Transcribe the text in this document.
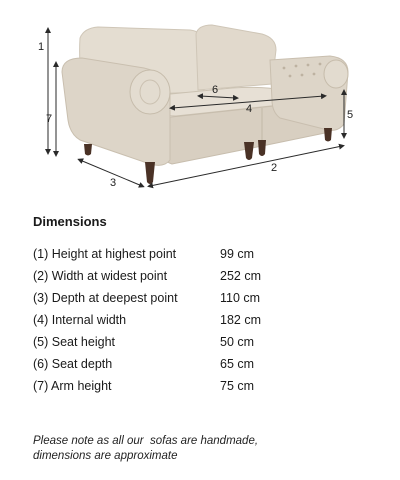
1
2
3
4	5
6
7
Dimensions
(1) Height at highest point	99 cm
(2) Width at widest point	252 cm
(3) Depth at deepest point	110 cm
(4) Internal width	182 cm
(5) Seat height	50 cm
(6) Seat depth	65 cm
(7) Arm height	75 cm
Please note as all our  sofas are handmade,
dimensions are approximate
